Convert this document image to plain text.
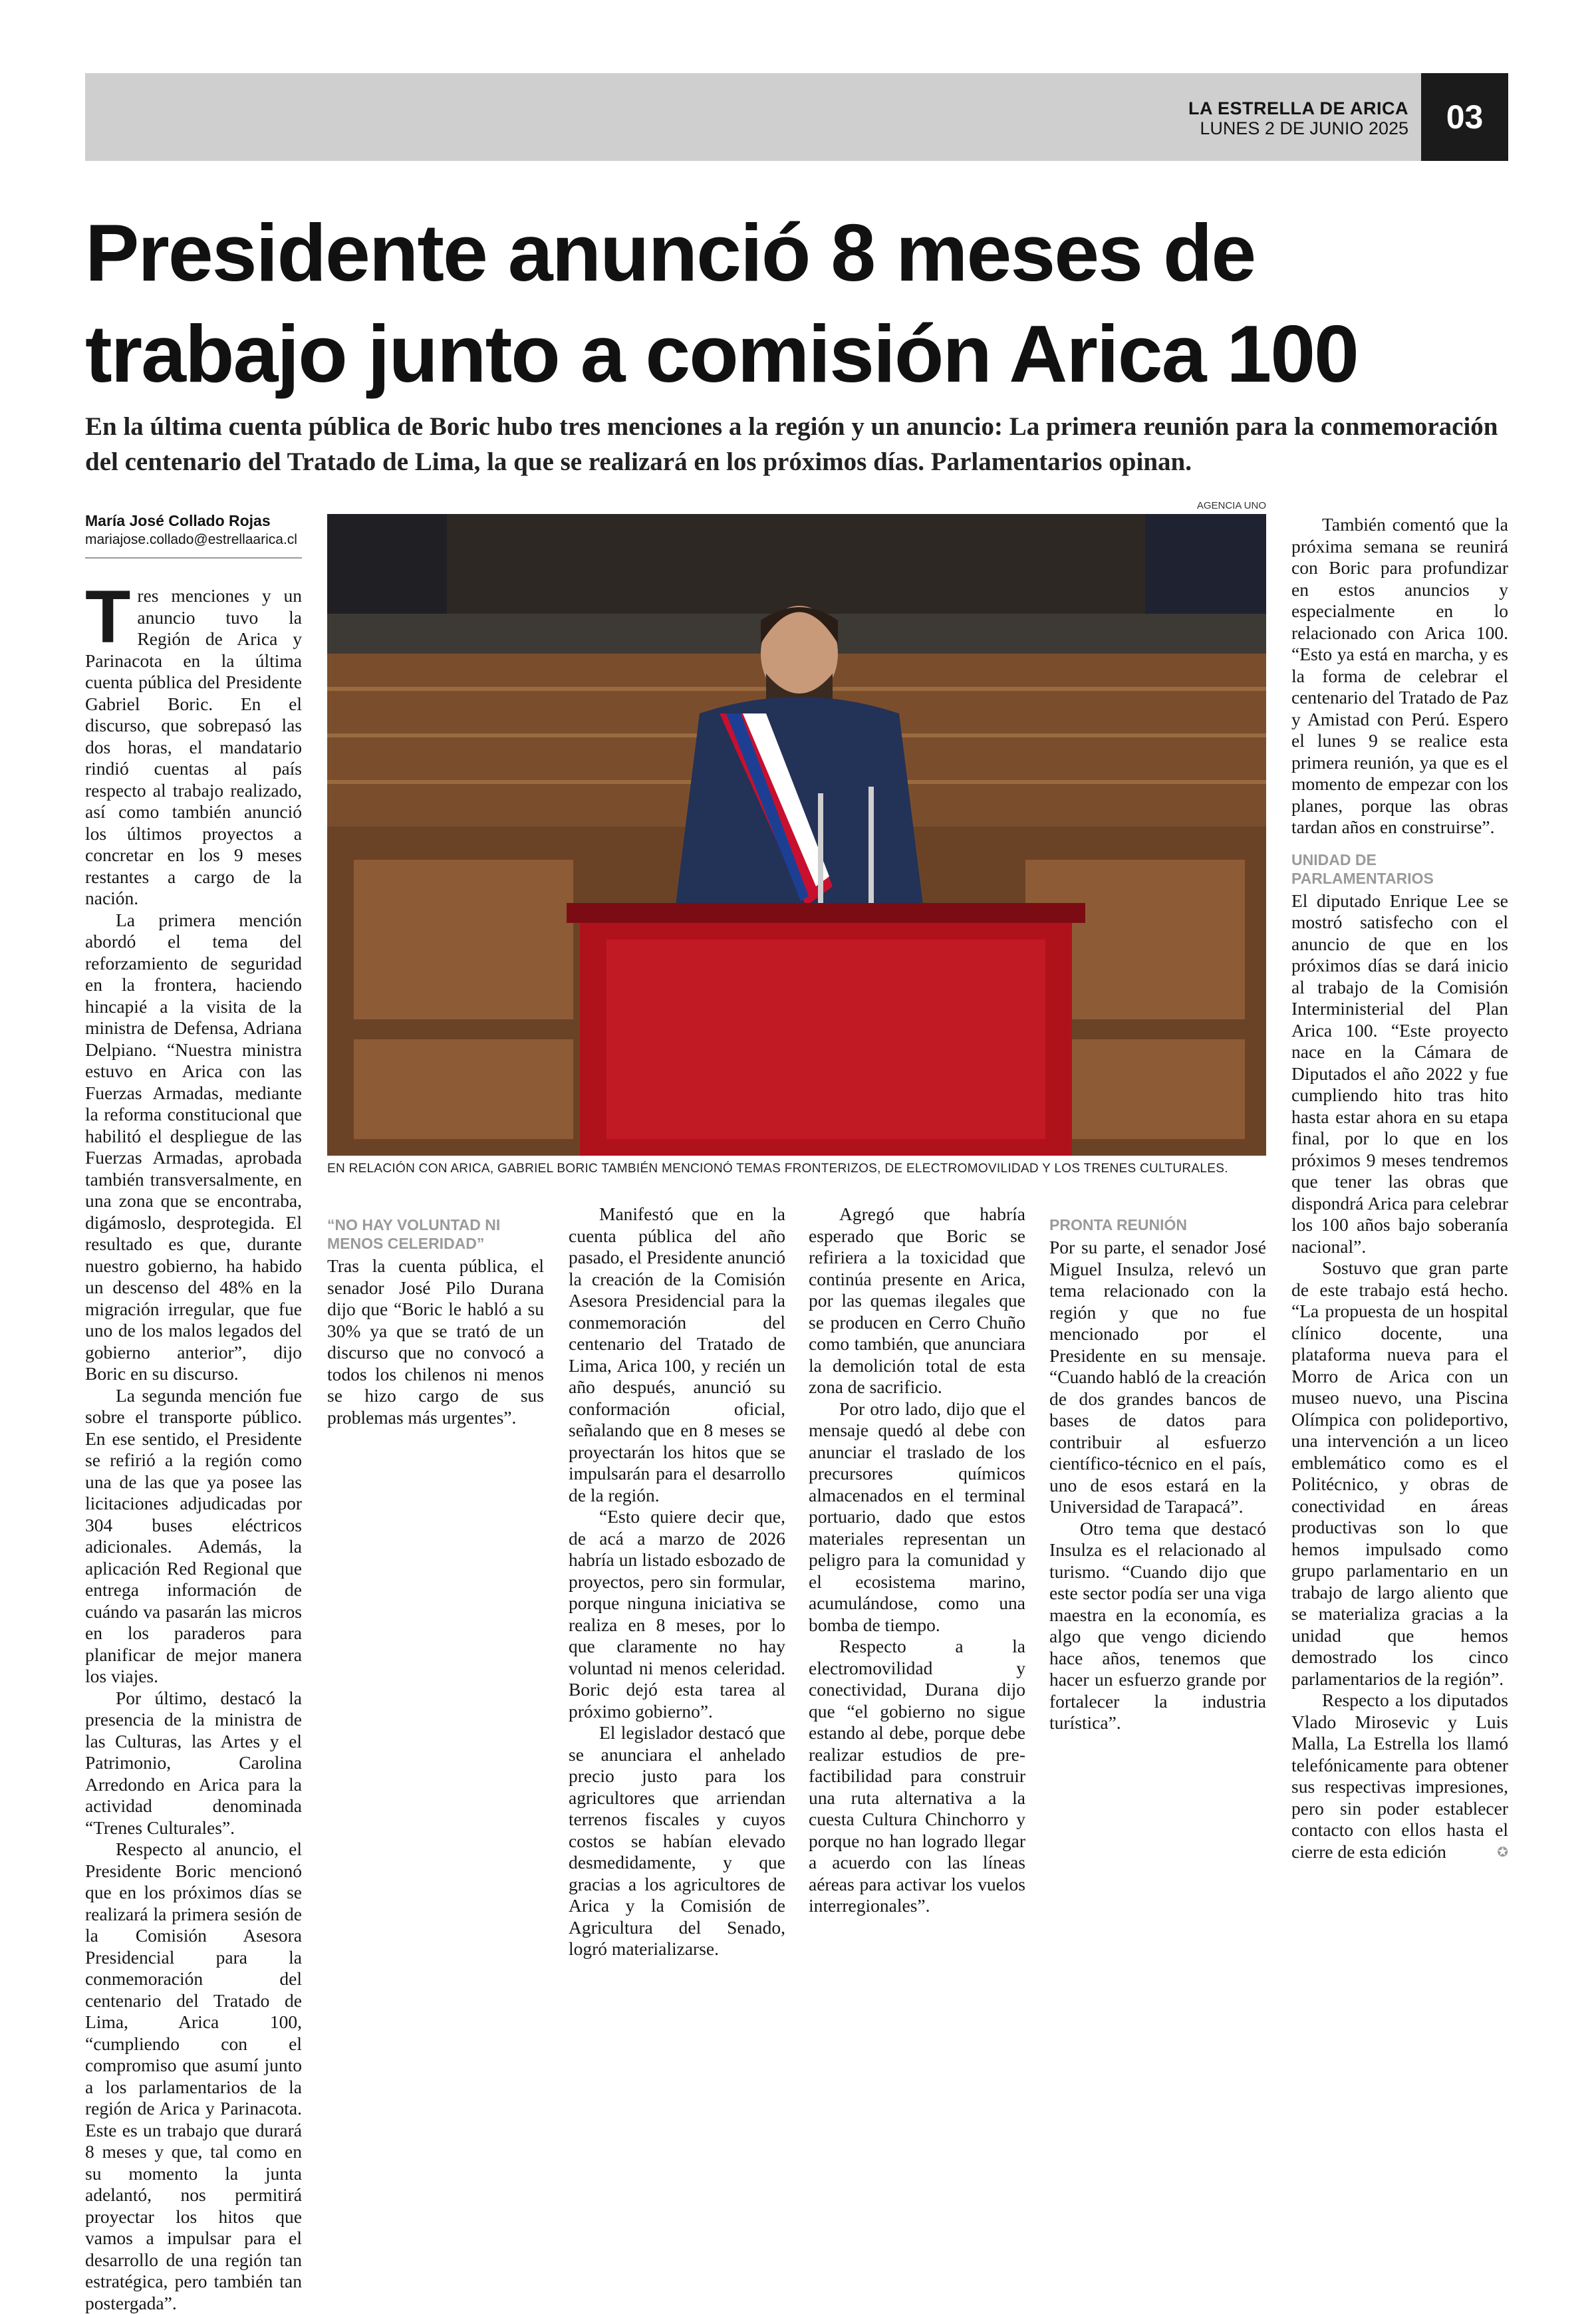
LA ESTRELLA DE ARICA
LUNES 2 DE JUNIO 2025 03
Presidente anunció 8 meses de trabajo junto a comisión Arica 100
En la última cuenta pública de Boric hubo tres menciones a la región y un anuncio: La primera reunión para la conmemoración del centenario del Tratado de Lima, la que se realizará en los próximos días. Parlamentarios opinan.
María José Collado Rojas
mariajose.collado@estrellaarica.cl
AGENCIA UNO
EN RELACIÓN CON ARICA, GABRIEL BORIC TAMBIÉN MENCIONÓ TEMAS FRONTERIZOS, DE ELECTROMOVILIDAD Y LOS TRENES CULTURALES.

Tres menciones y un anuncio tuvo la Región de Arica y Parinacota en la última cuenta pública del Presidente Gabriel Boric. En el discurso, que sobrepasó las dos horas, el mandatario rindió cuentas al país respecto al trabajo realizado, así como también anunció los últimos proyectos a concretar en los 9 meses restantes a cargo de la nación.

La primera mención abordó el tema del reforzamiento de seguridad en la frontera, haciendo hincapié a la visita de la ministra de Defensa, Adriana Delpiano. “Nuestra ministra estuvo en Arica con las Fuerzas Armadas, mediante la reforma constitucional que habilitó el despliegue de las Fuerzas Armadas, aprobada también transversalmente, en una zona que se encontraba, digámoslo, desprotegida. El resultado es que, durante nuestro gobierno, ha habido un descenso del 48% en la migración irregular, que fue uno de los malos legados del gobierno anterior”, dijo Boric en su discurso.

La segunda mención fue sobre el transporte público. En ese sentido, el Presidente se refirió a la región como una de las que ya posee las licitaciones adjudicadas por 304 buses eléctricos adicionales. Además, la aplicación Red Regional que entrega información de cuándo va pasarán las micros en los paraderos para planificar de mejor manera los viajes.

Por último, destacó la presencia de la ministra de las Culturas, las Artes y el Patrimonio, Carolina Arredondo en Arica para la actividad denominada “Trenes Culturales”.

Respecto al anuncio, el Presidente Boric mencionó que en los próximos días se realizará la primera sesión de la Comisión Asesora Presidencial para la conmemoración del centenario del Tratado de Lima, Arica 100, “cumpliendo con el compromiso que asumí junto a los parlamentarios de la región de Arica y Parinacota. Este es un trabajo que durará 8 meses y que, tal como en su momento la junta adelantó, nos permitirá proyectar los hitos que vamos a impulsar para el desarrollo de una región tan estratégica, pero también tan postergada”.

“NO HAY VOLUNTAD NI MENOS CELERIDAD”

Tras la cuenta pública, el senador José Pilo Durana dijo que “Boric le habló a su 30% ya que se trató de un discurso que no convocó a todos los chilenos ni menos se hizo cargo de sus problemas más urgentes”.

Manifestó que en la cuenta pública del año pasado, el Presidente anunció la creación de la Comisión Asesora Presidencial para la conmemoración del centenario del Tratado de Lima, Arica 100, y recién un año después, anunció su conformación oficial, señalando que en 8 meses se proyectarán los hitos que se impulsarán para el desarrollo de la región.

“Esto quiere decir que, de acá a marzo de 2026 habría un listado esbozado de proyectos, pero sin formular, porque ninguna iniciativa se realiza en 8 meses, por lo que claramente no hay voluntad ni menos celeridad. Boric dejó esta tarea al próximo gobierno”.

El legislador destacó que se anunciara el anhelado precio justo para los agricultores que arriendan terrenos fiscales y cuyos costos se habían elevado desmedidamente, y que gracias a los agricultores de Arica y la Comisión de Agricultura del Senado, logró materializarse.

Agregó que habría esperado que Boric se refiriera a la toxicidad que continúa presente en Arica, por las quemas ilegales que se producen en Cerro Chuño como también, que anunciara la demolición total de esta zona de sacrificio.

Por otro lado, dijo que el mensaje quedó al debe con anunciar el traslado de los precursores químicos almacenados en el terminal portuario, dado que estos materiales representan un peligro para la comunidad y el ecosistema marino, acumulándose, como una bomba de tiempo.

Respecto a la electromovilidad y conectividad, Durana dijo que “el gobierno no sigue estando al debe, porque debe realizar estudios de pre-factibilidad para construir una ruta alternativa a la cuesta Cultura Chinchorro y porque no han logrado llegar a acuerdo con las líneas aéreas para activar los vuelos interregionales”.

PRONTA REUNIÓN

Por su parte, el senador José Miguel Insulza, relevó un tema relacionado con la región y que no fue mencionado por el Presidente en su mensaje. “Cuando habló de la creación de dos grandes bancos de bases de datos para contribuir al esfuerzo científico-técnico en el país, uno de esos estará en la Universidad de Tarapacá”.

Otro tema que destacó Insulza es el relacionado al turismo. “Cuando dijo que este sector podía ser una viga maestra en la economía, es algo que vengo diciendo hace años, tenemos que hacer un esfuerzo grande por fortalecer la industria turística”.

También comentó que la próxima semana se reunirá con Boric para profundizar en estos anuncios y especialmente en lo relacionado con Arica 100. “Esto ya está en marcha, y es la forma de celebrar el centenario del Tratado de Paz y Amistad con Perú. Espero el lunes 9 se realice esta primera reunión, ya que es el momento de empezar con los planes, porque las obras tardan años en construirse”.

UNIDAD DE PARLAMENTARIOS

El diputado Enrique Lee se mostró satisfecho con el anuncio de que en los próximos días se dará inicio al trabajo de la Comisión Interministerial del Plan Arica 100. “Este proyecto nace en la Cámara de Diputados el año 2022 y fue cumpliendo hito tras hito hasta estar ahora en su etapa final, por lo que en los próximos 9 meses tendremos que tener las obras que dispondrá Arica para celebrar los 100 años bajo soberanía nacional”.

Sostuvo que gran parte de este trabajo está hecho. “La propuesta de un hospital clínico docente, una plataforma nueva para el Morro de Arica con un museo nuevo, una Piscina Olímpica con polideportivo, una intervención a un liceo emblemático como es el Politécnico, y obras de conectividad en áreas productivas son lo que hemos impulsado como grupo parlamentario en un trabajo de largo aliento que se materializa gracias a la unidad que hemos demostrado los cinco parlamentarios de la región”.

Respecto a los diputados Vlado Mirosevic y Luis Malla, La Estrella los llamó telefónicamente para obtener sus respectivas impresiones, pero sin poder establecer contacto con ellos hasta el cierre de esta edición	✪
